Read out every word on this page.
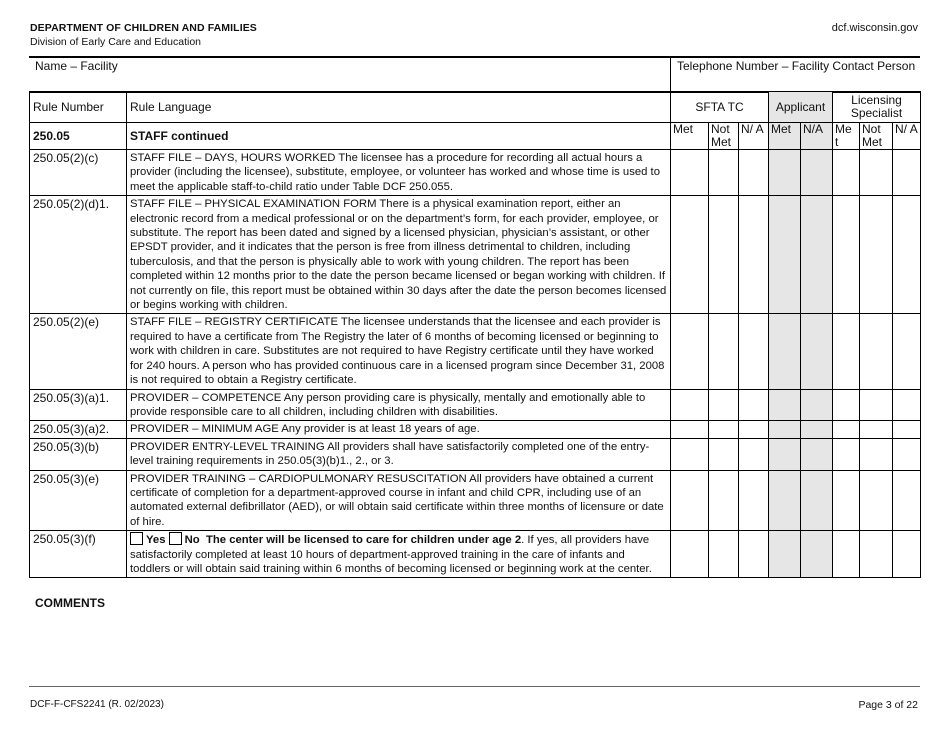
DEPARTMENT OF CHILDREN AND FAMILIES
Division of Early Care and Education
dcf.wisconsin.gov
Name – Facility	Telephone Number – Facility Contact Person
Rule Number	Rule Language	SFTA TC			Applicant		Licensing Specialist		
250.05	STAFF continued	Met	Not Met	N/ A	Met	N/A	Me t	Not Met	N/ A
250.05(2)(c)	STAFF FILE – DAYS, HOURS WORKED The licensee has a procedure for recording all actual hours a provider (including the licensee), substitute, employee, or volunteer has worked and whose time is used to meet the applicable staff-to-child ratio under Table DCF 250.055.								
250.05(2)(d)1.	STAFF FILE – PHYSICAL EXAMINATION FORM There is a physical examination report, either an electronic record from a medical professional or on the department’s form, for each provider, employee, or substitute. The report has been dated and signed by a licensed physician, physician’s assistant, or other EPSDT provider, and it indicates that the person is free from illness detrimental to children, including tuberculosis, and that the person is physically able to work with young children. The report has been completed within 12 months prior to the date the person became licensed or began working with children. If not currently on file, this report must be obtained within 30 days after the date the person becomes licensed or begins working with children.								
250.05(2)(e)	STAFF FILE – REGISTRY CERTIFICATE The licensee understands that the licensee and each provider is required to have a certificate from The Registry the later of 6 months of becoming licensed or beginning to work with children in care. Substitutes are not required to have Registry certificate until they have worked for 240 hours. A person who has provided continuous care in a licensed program since December 31, 2008 is not required to obtain a Registry certificate.								
250.05(3)(a)1.	PROVIDER – COMPETENCE Any person providing care is physically, mentally and emotionally able to provide responsible care to all children, including children with disabilities.								
250.05(3)(a)2.	PROVIDER – MINIMUM AGE Any provider is at least 18 years of age.								
250.05(3)(b)	PROVIDER ENTRY-LEVEL TRAINING All providers shall have satisfactorily completed one of the entry-level training requirements in 250.05(3)(b)1., 2., or 3.								
250.05(3)(e)	PROVIDER TRAINING – CARDIOPULMONARY RESUSCITATION All providers have obtained a current certificate of completion for a department-approved course in infant and child CPR, including use of an automated external defibrillator (AED), or will obtain said certificate within three months of licensure or date of hire.								
250.05(3)(f)	Yes No The center will be licensed to care for children under age 2. If yes, all providers have satisfactorily completed at least 10 hours of department-approved training in the care of infants and toddlers or will obtain said training within 6 months of becoming licensed or beginning work at the center.								
COMMENTS
DCF-F-CFS2241 (R. 02/2023)	Page 3 of 22
